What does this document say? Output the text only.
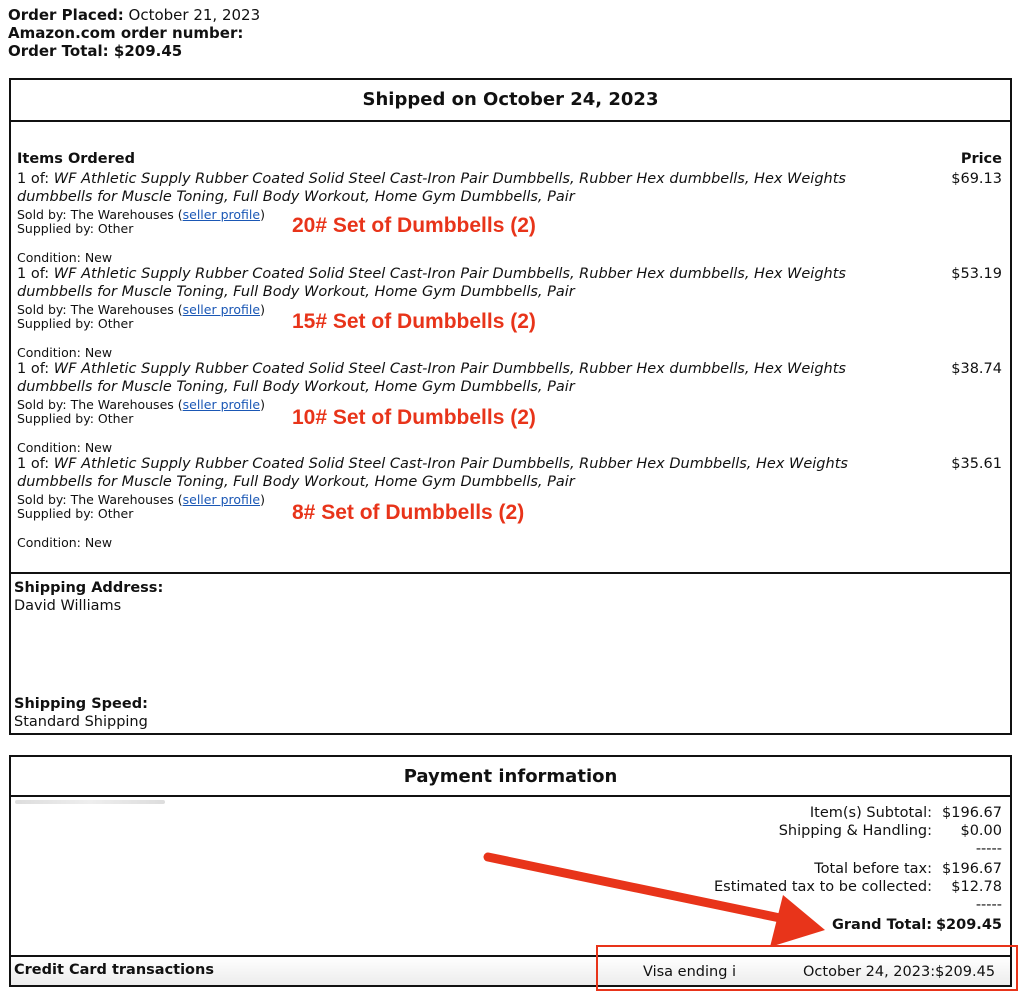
Order Placed: October 21, 2023
Amazon.com order number:
Order Total: $209.45
Shipped on October 24, 2023
Items Ordered	Price
1 of: WF Athletic Supply Rubber Coated Solid Steel Cast-Iron Pair Dumbbells, Rubber Hex dumbbells, Hex Weights
dumbbells for Muscle Toning, Full Body Workout, Home Gym Dumbbells, Pair
$69.13
Sold by: The Warehouses (seller profile)
Supplied by: Other	20# Set of Dumbbells (2)
Condition: New
1 of: WF Athletic Supply Rubber Coated Solid Steel Cast-Iron Pair Dumbbells, Rubber Hex dumbbells, Hex Weights
dumbbells for Muscle Toning, Full Body Workout, Home Gym Dumbbells, Pair
$53.19
Sold by: The Warehouses (seller profile)
Supplied by: Other	15# Set of Dumbbells (2)
Condition: New
1 of: WF Athletic Supply Rubber Coated Solid Steel Cast-Iron Pair Dumbbells, Rubber Hex dumbbells, Hex Weights
dumbbells for Muscle Toning, Full Body Workout, Home Gym Dumbbells, Pair
$38.74
Sold by: The Warehouses (seller profile)
Supplied by: Other	10# Set of Dumbbells (2)
Condition: New
1 of: WF Athletic Supply Rubber Coated Solid Steel Cast-Iron Pair Dumbbells, Rubber Hex Dumbbells, Hex Weights
dumbbells for Muscle Toning, Full Body Workout, Home Gym Dumbbells, Pair
$35.61
Sold by: The Warehouses (seller profile)
Supplied by: Other	8# Set of Dumbbells (2)
Condition: New
Shipping Address:
David Williams
Shipping Speed:
Standard Shipping
Payment information
Credit Card transactions	Visa ending i	October 24, 2023:$209.45
Item(s) Subtotal: $196.67
Shipping & Handling: $0.00
-----
Total before tax: $196.67
Estimated tax to be collected: $12.78
-----
Grand Total: $209.45
